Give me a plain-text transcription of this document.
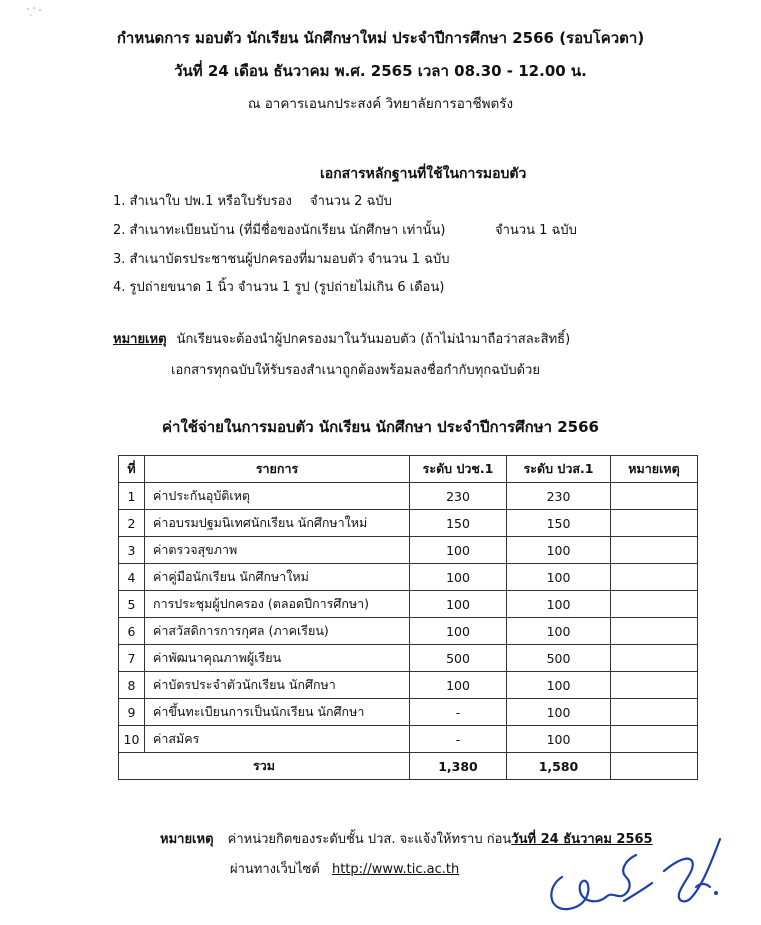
กำหนดการ มอบตัว นักเรียน นักศึกษาใหม่ ประจำปีการศึกษา 2566 (รอบโควตา)
วันที่ 24 เดือน ธันวาคม พ.ศ. 2565 เวลา 08.30 - 12.00 น.
ณ อาคารเอนกประสงค์ วิทยาลัยการอาชีพตรัง
เอกสารหลักฐานที่ใช้ในการมอบตัว
1. สำเนาใบ ปพ.1 หรือใบรับรอง จำนวน 2 ฉบับ
2. สำเนาทะเบียนบ้าน (ที่มีชื่อของนักเรียน นักศึกษา เท่านั้น)	จำนวน 1 ฉบับ
3. สำเนาบัตรประชาชนผู้ปกครองที่มามอบตัว จำนวน 1 ฉบับ
4. รูปถ่ายขนาด 1 นิ้ว จำนวน 1 รูป (รูปถ่ายไม่เกิน 6 เดือน)
หมายเหตุ นักเรียนจะต้องนำผู้ปกครองมาในวันมอบตัว (ถ้าไม่นำมาถือว่าสละสิทธิ์)
เอกสารทุกฉบับให้รับรองสำเนาถูกต้องพร้อมลงชื่อกำกับทุกฉบับด้วย
ค่าใช้จ่ายในการมอบตัว นักเรียน นักศึกษา ประจำปีการศึกษา 2566
ที่	รายการ	ระดับ ปวช.1	ระดับ ปวส.1	หมายเหตุ
1	ค่าประกันอุบัติเหตุ	230	230	
2	ค่าอบรมปฐมนิเทศนักเรียน นักศึกษาใหม่	150	150	
3	ค่าตรวจสุขภาพ	100	100	
4	ค่าคู่มือนักเรียน นักศึกษาใหม่	100	100	
5	การประชุมผู้ปกครอง (ตลอดปีการศึกษา)	100	100	
6	ค่าสวัสดิการการกุศล (ภาคเรียน)	100	100	
7	ค่าพัฒนาคุณภาพผู้เรียน	500	500	
8	ค่าบัตรประจำตัวนักเรียน นักศึกษา	100	100	
9	ค่าขึ้นทะเบียนการเป็นนักเรียน นักศึกษา	-	100	
10	ค่าสมัคร	-	100	
รวม		1,380	1,580	
หมายเหตุ ค่าหน่วยกิตของระดับชั้น ปวส. จะแจ้งให้ทราบ ก่อนวันที่ 24 ธันวาคม 2565
ผ่านทางเว็บไซต์ http://www.tic.ac.th
